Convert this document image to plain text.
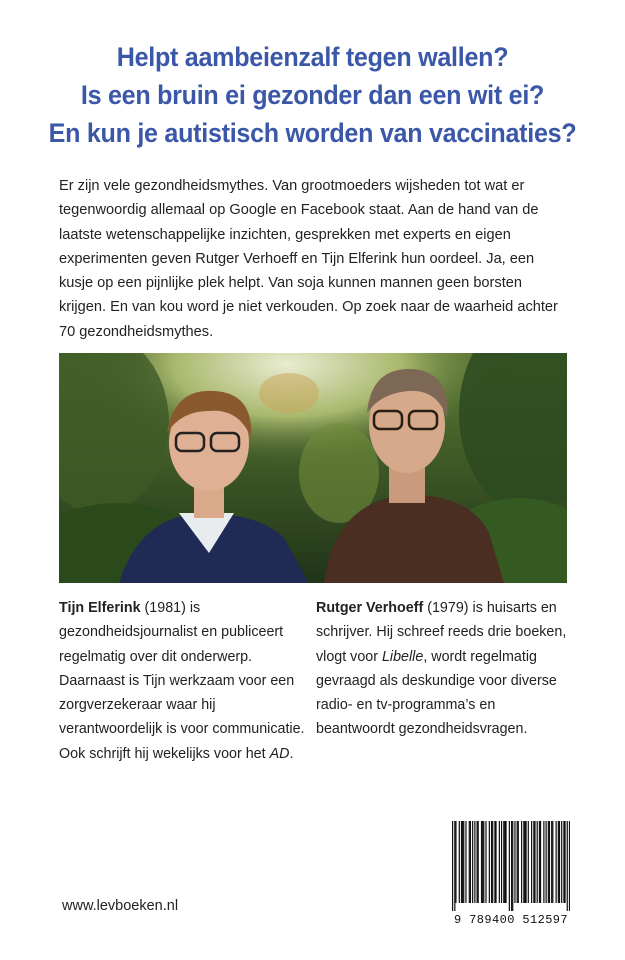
Helpt aambeienzalf tegen wallen?
Is een bruin ei gezonder dan een wit ei?
En kun je autistisch worden van vaccinaties?

Er zijn vele gezondheidsmythes. Van grootmoeders wijsheden tot wat er tegenwoordig allemaal op Google en Facebook staat. Aan de hand van de laatste wetenschappelijke inzichten, gesprekken met experts en eigen experimenten geven Rutger Verhoeff en Tijn Elferink hun oordeel. Ja, een kusje op een pijnlijke plek helpt. Van soja kunnen mannen geen borsten krijgen. En van kou word je niet verkouden. Op zoek naar de waarheid achter 70 gezondheidsmythes.

Tijn Elferink (1981) is gezondheidsjournalist en publiceert regelmatig over dit onderwerp. Daarnaast is Tijn werkzaam voor een zorgverzekeraar waar hij verantwoordelijk is voor communicatie. Ook schrijft hij wekelijks voor het AD.

Rutger Verhoeff (1979) is huisarts en schrijver. Hij schreef reeds drie boeken, vlogt voor Libelle, wordt regelmatig gevraagd als deskundige voor diverse radio- en tv-programma’s en beantwoordt gezondheidsvragen.

www.levboeken.nl
9 789400 512597
